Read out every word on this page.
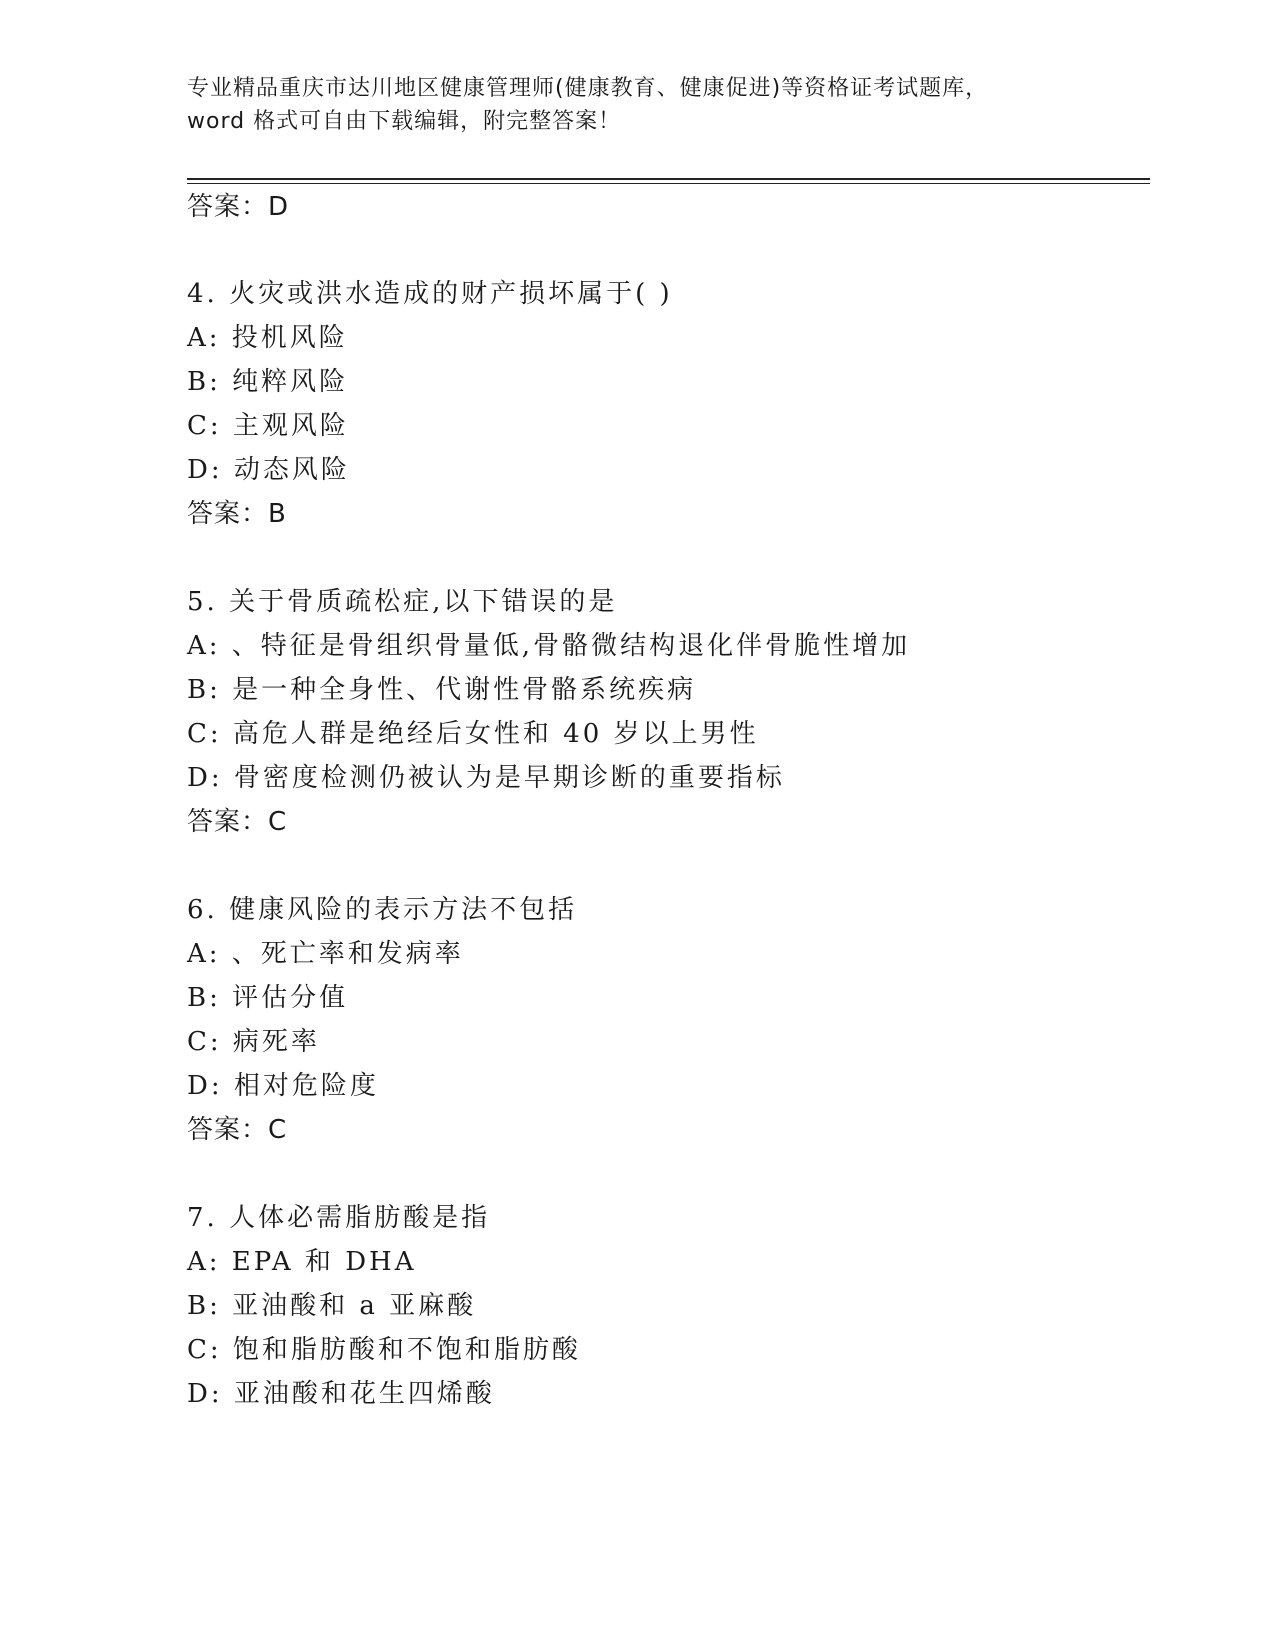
专业精品重庆市达川地区健康管理师(健康教育、健康促进)等资格证考试题库，
word 格式可自由下载编辑，附完整答案！
答案：D
4. 火灾或洪水造成的财产损坏属于( )
A: 投机风险
B: 纯粹风险
C: 主观风险
D: 动态风险
答案：B
5. 关于骨质疏松症,以下错误的是
A: 、特征是骨组织骨量低,骨骼微结构退化伴骨脆性增加
B: 是一种全身性、代谢性骨骼系统疾病
C: 高危人群是绝经后女性和 40 岁以上男性
D: 骨密度检测仍被认为是早期诊断的重要指标
答案：C
6. 健康风险的表示方法不包括
A: 、死亡率和发病率
B: 评估分值
C: 病死率
D: 相对危险度
答案：C
7. 人体必需脂肪酸是指
A: EPA 和 DHA
B: 亚油酸和 a 亚麻酸
C: 饱和脂肪酸和不饱和脂肪酸
D: 亚油酸和花生四烯酸
